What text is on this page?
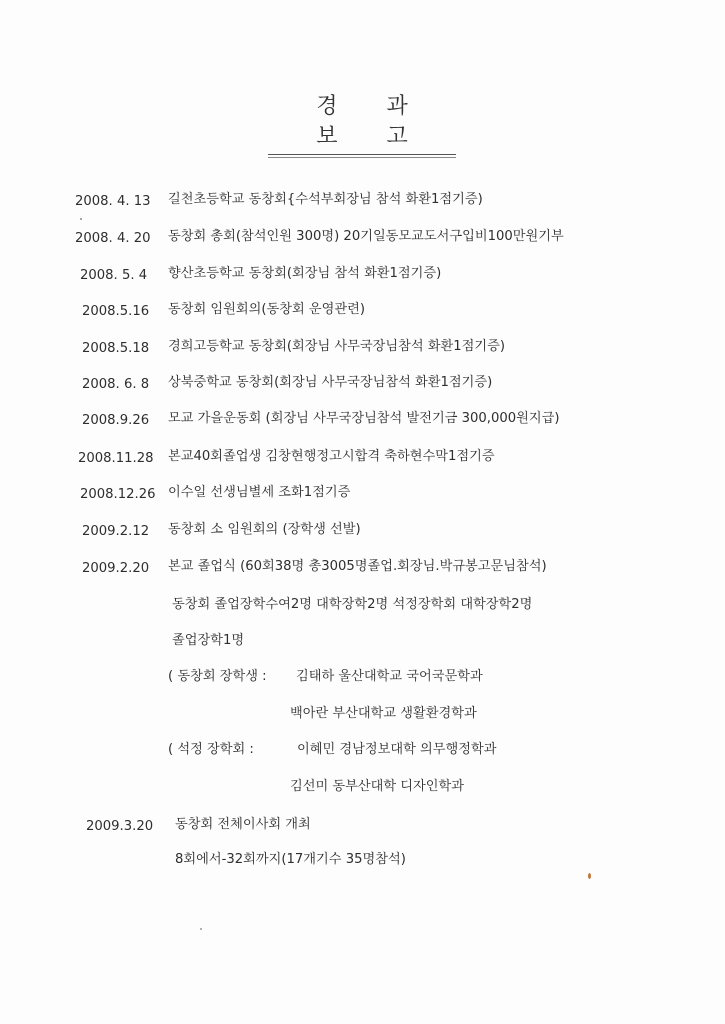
경 과 보 고
2008. 4. 13 길천초등학교 동창회{수석부회장님 참석 화환1점기증)
2008. 4. 20 동창회 총회(참석인원 300명) 20기일동모교도서구입비100만원기부
2008. 5. 4 향산초등학교 동창회(회장님 참석 화환1점기증)
2008.5.16 동창회 임원회의(동창회 운영관련)
2008.5.18 경희고등학교 동창회(회장님 사무국장님참석 화환1점기증)
2008. 6. 8 상북중학교 동창회(회장님 사무국장님참석 화환1점기증)
2008.9.26 모교 가을운동회 (회장님 사무국장님참석 발전기금 300,000원지급)
2008.11.28 본교40회졸업생 김창현행정고시합격 축하현수막1점기증
2008.12.26 이수일 선생님별세 조화1점기증
2009.2.12 동창회 소 임원회의 (장학생 선발)
2009.2.20 본교 졸업식 (60회38명 총3005명졸업.회장님.박규봉고문님참석)
동창회 졸업장학수여2명 대학장학2명 석정장학회 대학장학2명
졸업장학1명
( 동창회 장학생 : 김태하 울산대학교 국어국문학과
백아란 부산대학교 생활환경학과
( 석정 장학회 :	이혜민 경남정보대학 의무행정학과
김선미 동부산대학 디자인학과
2009.3.20 동창회 전체이사회 개최
8회에서-32회까지(17개기수 35명참석)
